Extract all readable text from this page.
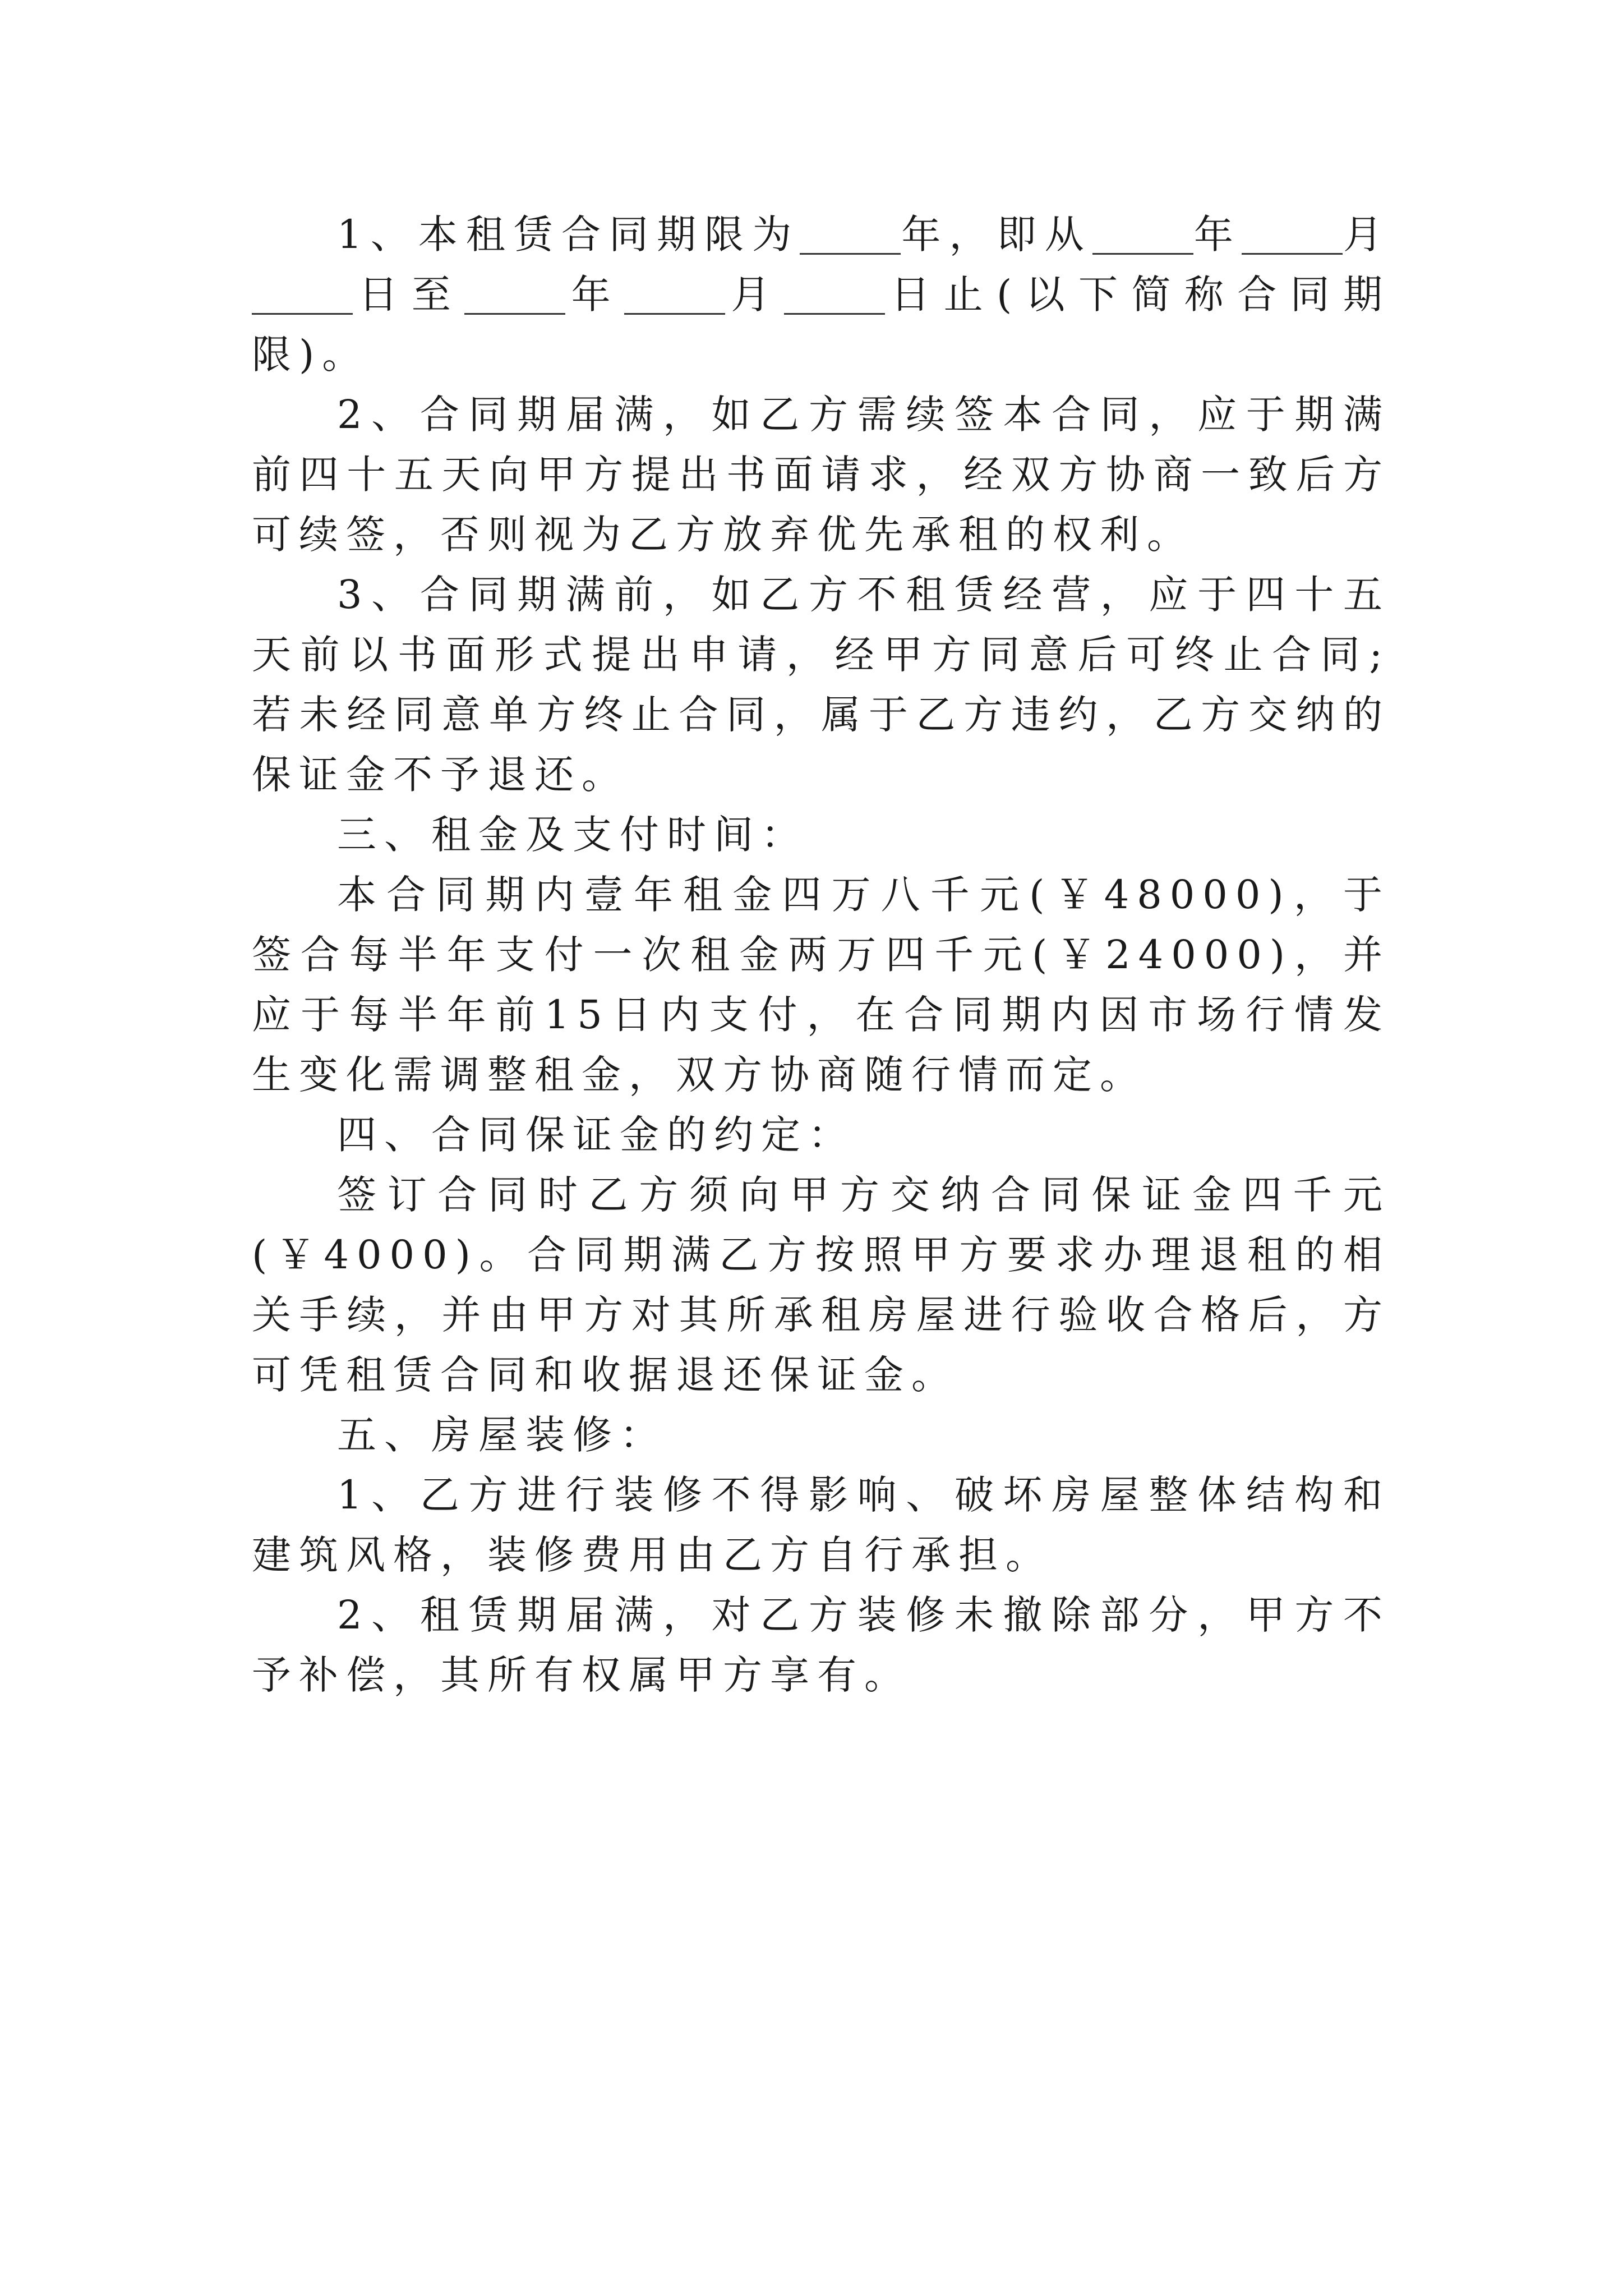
1、本租赁合同期限为	年，即从	年	月日至	年	月	日止(以下简称合同期限)。

2、合同期届满，如乙方需续签本合同，应于期满前四十五天向甲方提出书面请求，经双方协商一致后方可续签，否则视为乙方放弃优先承租的权利。

3、合同期满前，如乙方不租赁经营，应于四十五天前以书面形式提出申请，经甲方同意后可终止合同;若未经同意单方终止合同，属于乙方违约，乙方交纳的保证金不予退还。

三、租金及支付时间：

本合同期内壹年租金四万八千元(￥48000)，于签合每半年支付一次租金两万四千元(￥24000)，并应于每半年前15日内支付，在合同期内因市场行情发生变化需调整租金，双方协商随行情而定。

四、合同保证金的约定：

签订合同时乙方须向甲方交纳合同保证金四千元(￥4000)。合同期满乙方按照甲方要求办理退租的相关手续，并由甲方对其所承租房屋进行验收合格后，方可凭租赁合同和收据退还保证金。

五、房屋装修：

1、乙方进行装修不得影响、破坏房屋整体结构和建筑风格，装修费用由乙方自行承担。

2、租赁期届满，对乙方装修未撤除部分，甲方不予补偿，其所有权属甲方享有。
